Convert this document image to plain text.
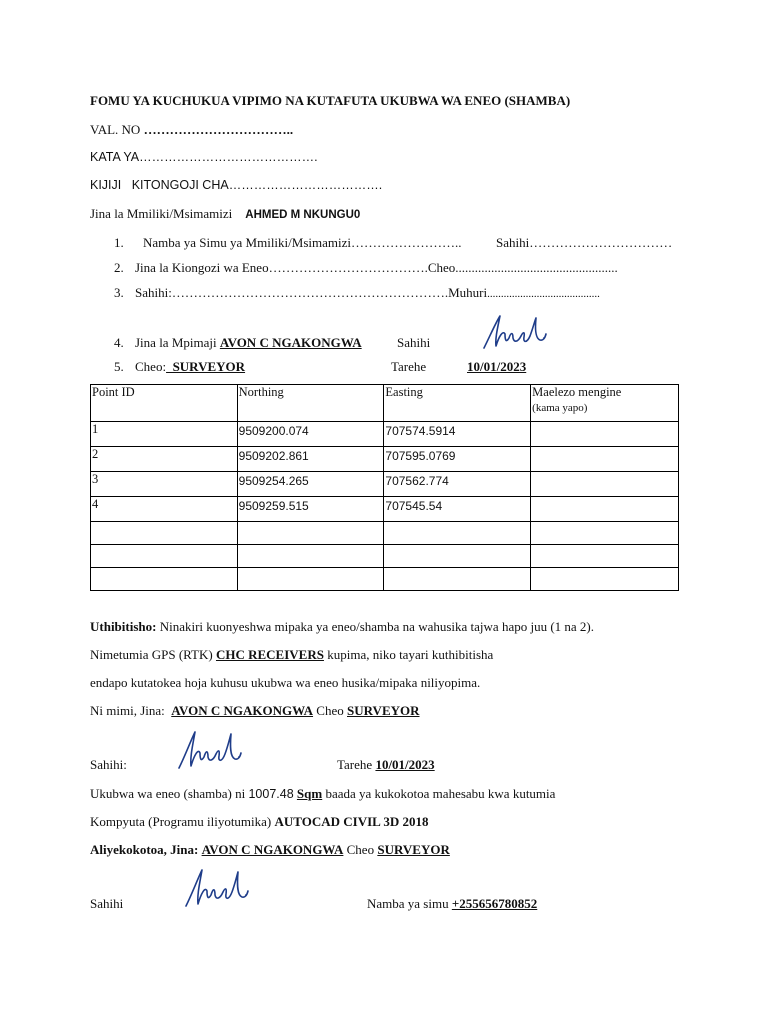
FOMU YA KUCHUKUA VIPIMO NA KUTAFUTA UKUBWA WA ENEO (SHAMBA)
VAL. NO ……………………………..
KATA YA…………………………………….
KIJIJI KITONGOJI CHA……………………………….
Jina la Mmiliki/Msimamizi AHMED M NKUNGU0
1. Namba ya Simu ya Mmiliki/Msimamizi……………………..	Sahihi……………………………
2. Jina la Kiongozi wa Eneo……………………………….Cheo..................................................
3. Sahihi:……………………………………………………….Muhuri.........................................
4. Jina la Mpimaji AVON C NGAKONGWA	Sahihi
5. Cheo:  SURVEYOR	Tarehe	10/01/2023
Point ID	Northing	Easting	Maelezo mengine
(kama yapo)

1	9509200.074	707574.5914	
2	9509202.861	707595.0769	
3	9509254.265	707562.774	
4	9509259.515	707545.54	

Uthibitisho: Ninakiri kuonyeshwa mipaka ya eneo/shamba na wahusika tajwa hapo juu (1 na 2).
Nimetumia GPS (RTK) CHC RECEIVERS kupima, niko tayari kuthibitisha
endapo kutatokea hoja kuhusu ukubwa wa eneo husika/mipaka niliyopima.
Ni mimi, Jina: AVON C NGAKONGWA Cheo SURVEYOR
Sahihi:	Tarehe 10/01/2023
Ukubwa wa eneo (shamba) ni 1007.48 Sqm baada ya kukokotoa mahesabu kwa kutumia
Kompyuta (Programu iliyotumika) AUTOCAD CIVIL 3D 2018
Aliyekokotoa, Jina: AVON C NGAKONGWA Cheo SURVEYOR
Sahihi	Namba ya simu +255656780852
